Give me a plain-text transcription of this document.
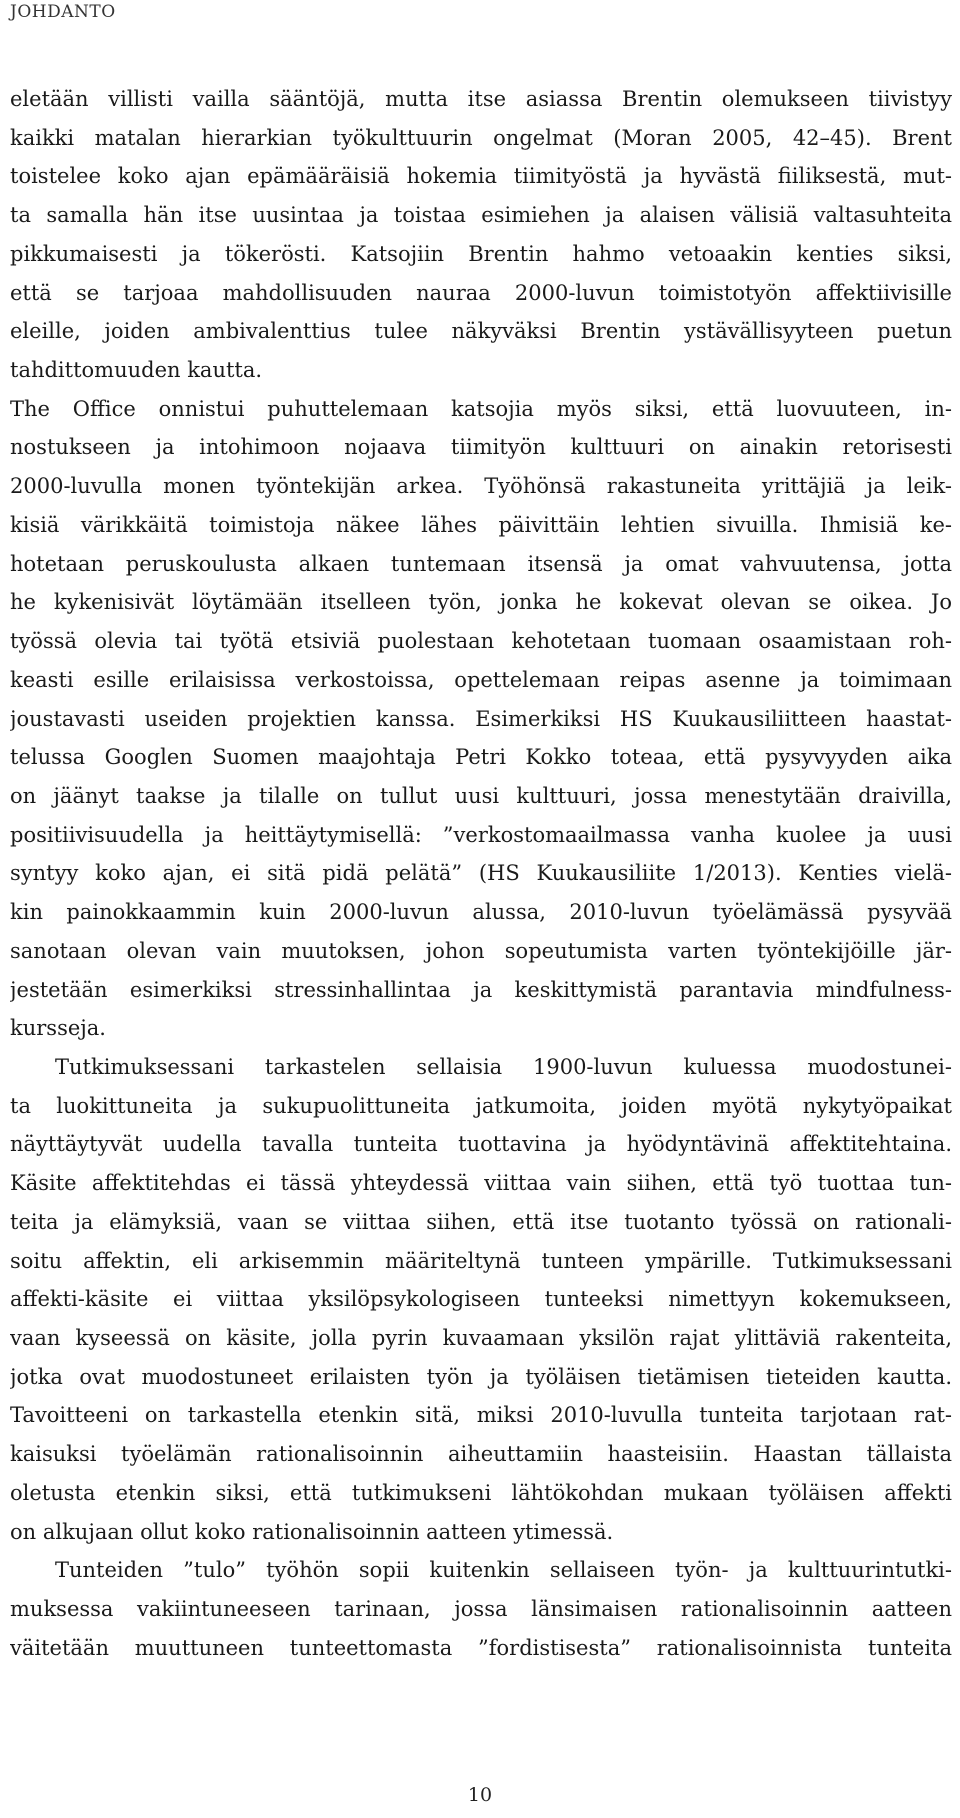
JOHDANTO
eletään villisti vailla sääntöjä, mutta itse asiassa Brentin olemukseen tiivistyy
kaikki matalan hierarkian työkulttuurin ongelmat (Moran 2005, 42–45). Brent
toistelee koko ajan epämääräisiä hokemia tiimityöstä ja hyvästä fiiliksestä, mut-
ta samalla hän itse uusintaa ja toistaa esimiehen ja alaisen välisiä valtasuhteita
pikkumaisesti ja tökerösti. Katsojiin Brentin hahmo vetoaakin kenties siksi,
että se tarjoaa mahdollisuuden nauraa 2000-luvun toimistotyön affektiivisille
eleille, joiden ambivalenttius tulee näkyväksi Brentin ystävällisyyteen puetun
tahdittomuuden kautta.
The Office onnistui puhuttelemaan katsojia myös siksi, että luovuuteen, in-
nostukseen ja intohimoon nojaava tiimityön kulttuuri on ainakin retorisesti
2000-luvulla monen työntekijän arkea. Työhönsä rakastuneita yrittäjiä ja leik-
kisiä värikkäitä toimistoja näkee lähes päivittäin lehtien sivuilla. Ihmisiä ke-
hotetaan peruskoulusta alkaen tuntemaan itsensä ja omat vahvuutensa, jotta
he kykenisivät löytämään itselleen työn, jonka he kokevat olevan se oikea. Jo
työssä olevia tai työtä etsiviä puolestaan kehotetaan tuomaan osaamistaan roh-
keasti esille erilaisissa verkostoissa, opettelemaan reipas asenne ja toimimaan
joustavasti useiden projektien kanssa. Esimerkiksi HS Kuukausiliitteen haastat-
telussa Googlen Suomen maajohtaja Petri Kokko toteaa, että pysyvyyden aika
on jäänyt taakse ja tilalle on tullut uusi kulttuuri, jossa menestytään draivilla,
positiivisuudella ja heittäytymisellä: ”verkostomaailmassa vanha kuolee ja uusi
syntyy koko ajan, ei sitä pidä pelätä” (HS Kuukausiliite 1/2013). Kenties vielä-
kin painokkaammin kuin 2000-luvun alussa, 2010-luvun työelämässä pysyvää
sanotaan olevan vain muutoksen, johon sopeutumista varten työntekijöille jär-
jestetään esimerkiksi stressinhallintaa ja keskittymistä parantavia mindfulness-
kursseja.
Tutkimuksessani tarkastelen sellaisia 1900-luvun kuluessa muodostunei-
ta luokittuneita ja sukupuolittuneita jatkumoita, joiden myötä nykytyöpaikat
näyttäytyvät uudella tavalla tunteita tuottavina ja hyödyntävinä affektitehtaina.
Käsite affektitehdas ei tässä yhteydessä viittaa vain siihen, että työ tuottaa tun-
teita ja elämyksiä, vaan se viittaa siihen, että itse tuotanto työssä on rationali-
soitu affektin, eli arkisemmin määriteltynä tunteen ympärille. Tutkimuksessani
affekti-käsite ei viittaa yksilöpsykologiseen tunteeksi nimettyyn kokemukseen,
vaan kyseessä on käsite, jolla pyrin kuvaamaan yksilön rajat ylittäviä rakenteita,
jotka ovat muodostuneet erilaisten työn ja työläisen tietämisen tieteiden kautta.
Tavoitteeni on tarkastella etenkin sitä, miksi 2010-luvulla tunteita tarjotaan rat-
kaisuksi työelämän rationalisoinnin aiheuttamiin haasteisiin. Haastan tällaista
oletusta etenkin siksi, että tutkimukseni lähtökohdan mukaan työläisen affekti
on alkujaan ollut koko rationalisoinnin aatteen ytimessä.
Tunteiden ”tulo” työhön sopii kuitenkin sellaiseen työn- ja kulttuurintutki-
muksessa vakiintuneeseen tarinaan, jossa länsimaisen rationalisoinnin aatteen
väitetään muuttuneen tunteettomasta ”fordistisesta” rationalisoinnista tunteita
10
